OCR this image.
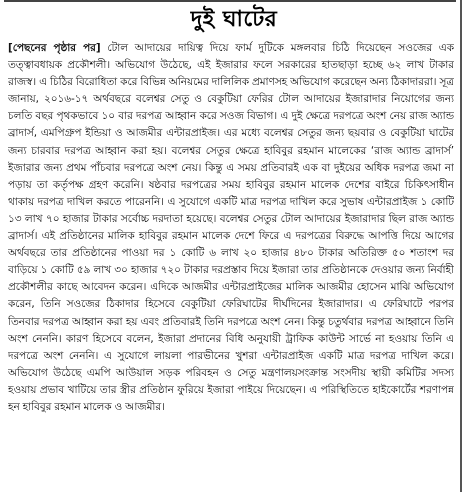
দুই ঘাটের

[পেছনের পৃষ্ঠার পর] টোল আদায়ের দায়িত্ব দিয়ে ফার্ম দুটিকে মঙ্গলবার চিঠি দিয়েছেন সওজের এক তত্ত্বাবধায়ক প্রকৌশলী। অভিযোগ উঠেছে, এই ইজারার ফলে সরকারের হাতছাড়া হচ্ছে ৬২ লাখ টাকার রাজস্ব। এ চিঠির বিরোধিতা করে বিভিন্ন অনিয়মের দালিলিক প্রমাণসহ অভিযোগ করেছেন অন্য ঠিকাদাররা। সূত্র জানায়, ২০১৬-১৭ অর্থবছরে বলেশ্বর সেতু ও বেকুটিয়া ফেরির টোল আদায়ের ইজারাদার নিয়োগের জন্য চলতি বছর পৃথকভাবে ১০ বার দরপত্র আহ্বান করে সওজ বিভাগ। এ দুই ক্ষেত্রে দরপত্রে অংশ নেয় রাজ অ্যান্ড ব্রাদার্স, এমপিগ্রুপ ইন্ডিয়া ও আজমীর এন্টারপ্রাইজ। এর মধ্যে বলেশ্বর সেতুর জন্য ছয়বার ও বেকুটিয়া ঘাটের জন্য চারবার দরপত্র আহ্বান করা হয়। বলেশ্বর সেতুর ক্ষেত্রে হাবিবুর রহমান মালেকের ‘রাজ অ্যান্ড ব্রাদার্স’ ইজারার জন্য প্রথম পাঁচবার দরপত্রে অংশ নেয়। কিন্তু এ সময় প্রতিবারই এক বা দুইয়ের অধিক দরপত্র জমা না পড়ায় তা কর্তৃপক্ষ গ্রহণ করেনি। ষষ্ঠবার দরপত্রের সময় হাবিবুর রহমান মালেক দেশের বাইরে চিকিৎসাধীন থাকায় দরপত্র দাখিল করতে পারেননি। এ সুযোগে একটি মাত্র দরপত্র দাখিল করে সুভাষ এন্টারপ্রাইজ ১ কোটি ১৩ লাখ ৭০ হাজার টাকার সর্বোচ্চ দরদাতা হয়েছে। বলেশ্বর সেতুর টোল আদায়ের ইজারাদার ছিল রাজ অ্যান্ড ব্রাদার্স। এই প্রতিষ্ঠানের মালিক হাবিবুর রহমান মালেক দেশে ফিরে এ দরপত্রের বিরুদ্ধে আপত্তি দিয়ে আগের অর্থবছরে তার প্রতিষ্ঠানের পাওয়া দর ১ কোটি ৬ লাখ ২০ হাজার ৪৮০ টাকার অতিরিক্ত ৫০ শতাংশ দর বাড়িয়ে ১ কোটি ৫৯ লাখ ৩০ হাজার ৭২০ টাকার দরপ্রস্তাব দিয়ে ইজারা তার প্রতিষ্ঠানকে দেওয়ার জন্য নির্বাহী প্রকৌশলীর কাছে আবেদন করেন। এদিকে আজমীর এন্টারপ্রাইজের মালিক আজমীর হোসেন মাঝি অভিযোগ করেন, তিনি সওজের ঠিকাদার হিসেবে বেকুটিয়া ফেরিঘাটের দীর্ঘদিনের ইজারাদার। এ ফেরিঘাটে পরপর তিনবার দরপত্র আহ্বান করা হয় এবং প্রতিবারই তিনি দরপত্রে অংশ নেন। কিন্তু চতুর্থবার দরপত্র আহ্বানে তিনি অংশ নেননি। কারণ হিসেবে বলেন, ইজারা প্রদানের বিধি অনুযায়ী ট্রাফিক কাউন্ট সার্ভে না হওয়ায় তিনি এ দরপত্রে অংশ নেননি। এ সুযোগে লায়লা পারভীনের খুশরা এন্টারপ্রাইজ একটি মাত্র দরপত্র দাখিল করে। অভিযোগ উঠেছে এমপি আউয়াল সড়ক পরিবহন ও সেতু মন্ত্রণালয়সংক্রান্ত সংসদীয় স্থায়ী কমিটির সদস্য হওয়ায় প্রভাব খাটিয়ে তার স্ত্রীর প্রতিষ্ঠান ফুরিয়ে ইজারা পাইয়ে দিয়েছেন। এ পরিস্থিতিতে হাইকোর্টের শরণাপন্ন হন হাবিবুর রহমান মালেক ও আজমীর।
